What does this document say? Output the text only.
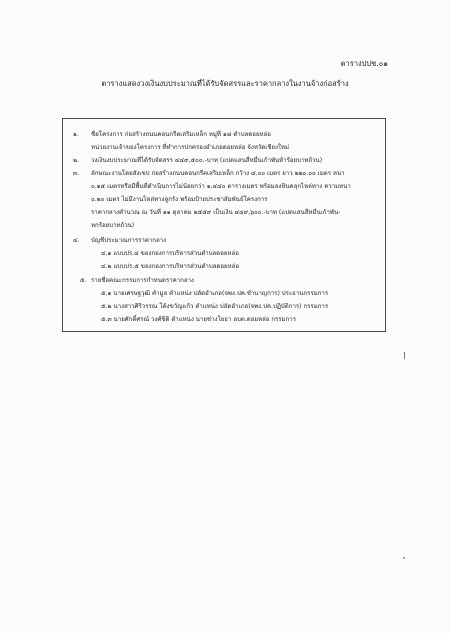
ตารางปปช.๐๑
ตารางแสดงวงเงินงบประมาณที่ได้รับจัดสรรและราคากลางในงานจ้างก่อสร้าง
๑. ชื่อโครงการ ก่อสร้างถนนคอนกรีตเสริมเหล็ก หมู่ที่ ๑๘ ตำบลดอยหล่อ
หน่วยงานเจ้าของโครงการ ที่ทำการปกครองอำเภอดอยหล่อ จังหวัดเชียงใหม่
๒. วงเงินงบประมาณที่ได้รับจัดสรร ๔๔๙,๕๐๐.-บาท (แปดแสนสี่หมื่นเก้าพันห้าร้อยบาทถ้วน)
๓. ลักษณะงานโดยสังเขป ก่อสร้างถนนคอนกรีตเสริมเหล็ก กว้าง ๔.๐๐ เมตร ยาว ๒๒๐.๐๐ เมตร หนา
๐.๑๕ เมตรหรือมีพื้นที่ดำเนินการไม่น้อยกว่า ๑,๔๔๐ ตารางเมตร พร้อมลงหินคลุกไหล่ทาง ความหนา
๐.๒๐ เมตร ไม่มีงานไหล่ทางลูกรัง พร้อมป้ายประชาสัมพันธ์โครงการ
ราคากลางคำนวณ ณ วันที่ ๑๑ ตุลาคม ๒๕๕๙ เป็นเงิน ๔๔๙,๖๐๐.-บาท (แปดแสนสี่หมื่นเก้าพัน-
หกร้อยบาทถ้วน)
๔. บัญชีประมาณการราคากลาง
๔.๑ แบบปร.๔ ของกองการบริหารส่วนตำบลดอยหล่อ
๔.๒ แบบปร.๕ ของกองการบริหารส่วนตำบลดอยหล่อ
๕. รายชื่อคณะกรรมการกำหนดราคากลาง
๕.๑ นายเศรษฐวุฒิ คำมูล ตำแหน่ง ปลัดอำเภอ(จพง.ปค.ชำนาญการ) ประธานกรรมการ
๕.๒ นางสาวศิริวรรณ โค้งขวัญแก้ว ตำแหน่ง ปลัดอำเภอ(จพง.ปค.ปฏิบัติการ) กรรมการ
๕.๓ นายศักดิ์ศรณ์ วงศ์ชิดิ ตำแหน่ง นายช่างโยธา อบต.ดอยหล่อ กรรมการ
